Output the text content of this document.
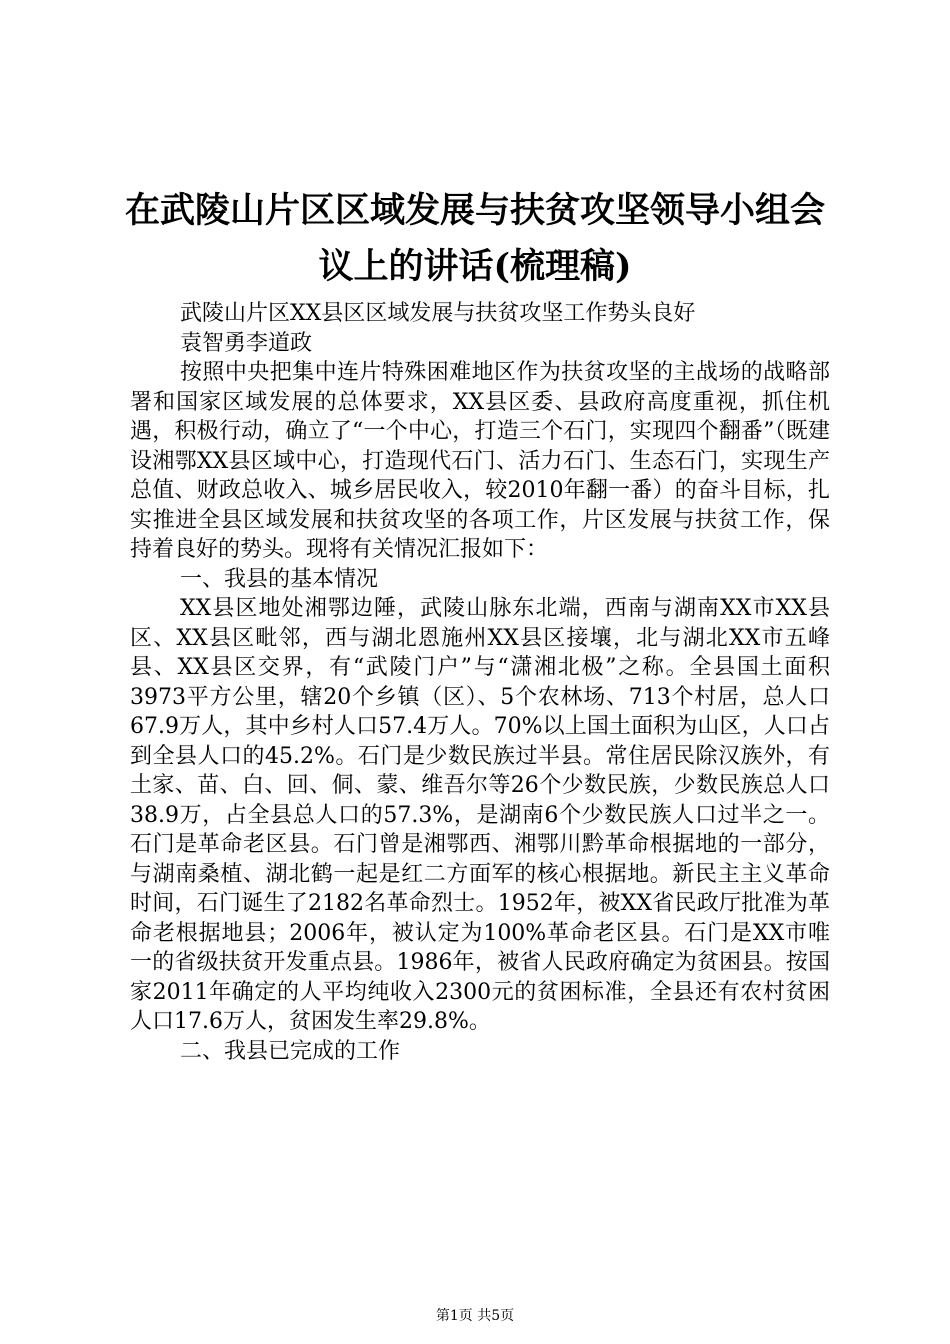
在武陵山片区区域发展与扶贫攻坚领导小组会
议上的讲话(梳理稿)

武陵山片区XX县区区域发展与扶贫攻坚工作势头良好

袁智勇李道政

按照中央把集中连片特殊困难地区作为扶贫攻坚的主战场的战略部署和国家区域发展的总体要求，XX县区委、县政府高度重视，抓住机遇，积极行动，确立了“一个中心，打造三个石门，实现四个翻番”（既建设湘鄂XX县区域中心，打造现代石门、活力石门、生态石门，实现生产总值、财政总收入、城乡居民收入，较2010年翻一番）的奋斗目标，扎实推进全县区域发展和扶贫攻坚的各项工作，片区发展与扶贫工作，保持着良好的势头。现将有关情况汇报如下：

一、我县的基本情况

XX县区地处湘鄂边陲，武陵山脉东北端，西南与湖南XX市XX县区、XX县区毗邻，西与湖北恩施州XX县区接壤，北与湖北XX市五峰县、XX县区交界，有“武陵门户”与“潇湘北极”之称。全县国土面积3973平方公里，辖20个乡镇（区）、5个农林场、713个村居，总人口67.9万人，其中乡村人口57.4万人。70%以上国土面积为山区，人口占到全县人口的45.2%。石门是少数民族过半县。常住居民除汉族外，有土家、苗、白、回、侗、蒙、维吾尔等26个少数民族，少数民族总人口38.9万，占全县总人口的57.3%，是湖南6个少数民族人口过半之一。石门是革命老区县。石门曾是湘鄂西、湘鄂川黔革命根据地的一部分，与湖南桑植、湖北鹤一起是红二方面军的核心根据地。新民主主义革命时间，石门诞生了2182名革命烈士。1952年，被XX省民政厅批准为革命老根据地县；2006年，被认定为100%革命老区县。石门是XX市唯一的省级扶贫开发重点县。1986年，被省人民政府确定为贫困县。按国家2011年确定的人平均纯收入2300元的贫困标准，全县还有农村贫困人口17.6万人，贫困发生率29.8%。

二、我县已完成的工作

第1页 共5页
